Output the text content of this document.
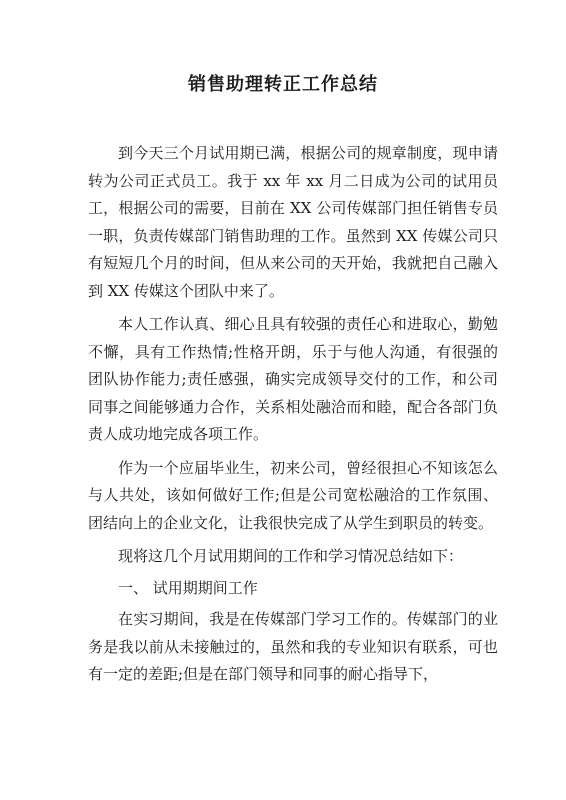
销售助理转正工作总结

到今天三个月试用期已满，根据公司的规章制度，现申请转为公司正式员工。我于 xx 年 xx 月二日成为公司的试用员工，根据公司的需要，目前在 XX 公司传媒部门担任销售专员一职，负责传媒部门销售助理的工作。虽然到 XX 传媒公司只有短短几个月的时间，但从来公司的天开始，我就把自己融入到 XX 传媒这个团队中来了。

本人工作认真、细心且具有较强的责任心和进取心，勤勉不懈，具有工作热情;性格开朗，乐于与他人沟通，有很强的团队协作能力;责任感强，确实完成领导交付的工作，和公司同事之间能够通力合作，关系相处融洽而和睦，配合各部门负责人成功地完成各项工作。

作为一个应届毕业生，初来公司，曾经很担心不知该怎么与人共处，该如何做好工作;但是公司宽松融洽的工作氛围、团结向上的企业文化，让我很快完成了从学生到职员的转变。

现将这几个月试用期间的工作和学习情况总结如下：

一、 试用期期间工作

在实习期间，我是在传媒部门学习工作的。传媒部门的业务是我以前从未接触过的，虽然和我的专业知识有联系，可也有一定的差距;但是在部门领导和同事的耐心指导下，
